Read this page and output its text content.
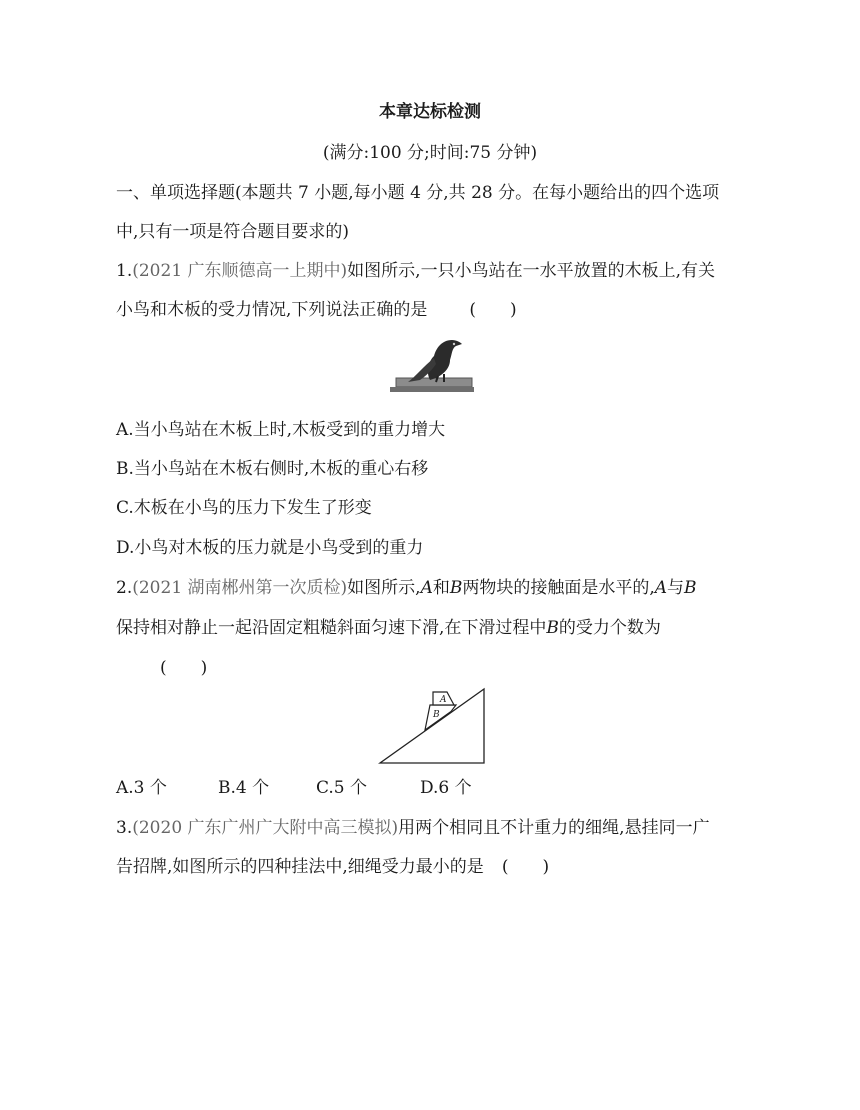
本章达标检测
(满分:100 分;时间:75 分钟)
一、单项选择题(本题共 7 小题,每小题 4 分,共 28 分。在每小题给出的四个选项
中,只有一项是符合题目要求的)
1.(2021 广东顺德高一上期中)如图所示,一只小鸟站在一水平放置的木板上,有关
小鸟和木板的受力情况,下列说法正确的是 (　　)
A.当小鸟站在木板上时,木板受到的重力增大
B.当小鸟站在木板右侧时,木板的重心右移
C.木板在小鸟的压力下发生了形变
D.小鸟对木板的压力就是小鸟受到的重力
2.(2021 湖南郴州第一次质检)如图所示,A和B两物块的接触面是水平的,A与B
保持相对静止一起沿固定粗糙斜面匀速下滑,在下滑过程中B的受力个数为
(　　)
A
B
A.3 个	B.4 个	C.5 个	D.6 个
3.(2020 广东广州广大附中高三模拟)用两个相同且不计重力的细绳,悬挂同一广
告招牌,如图所示的四种挂法中,细绳受力最小的是 (　　)
